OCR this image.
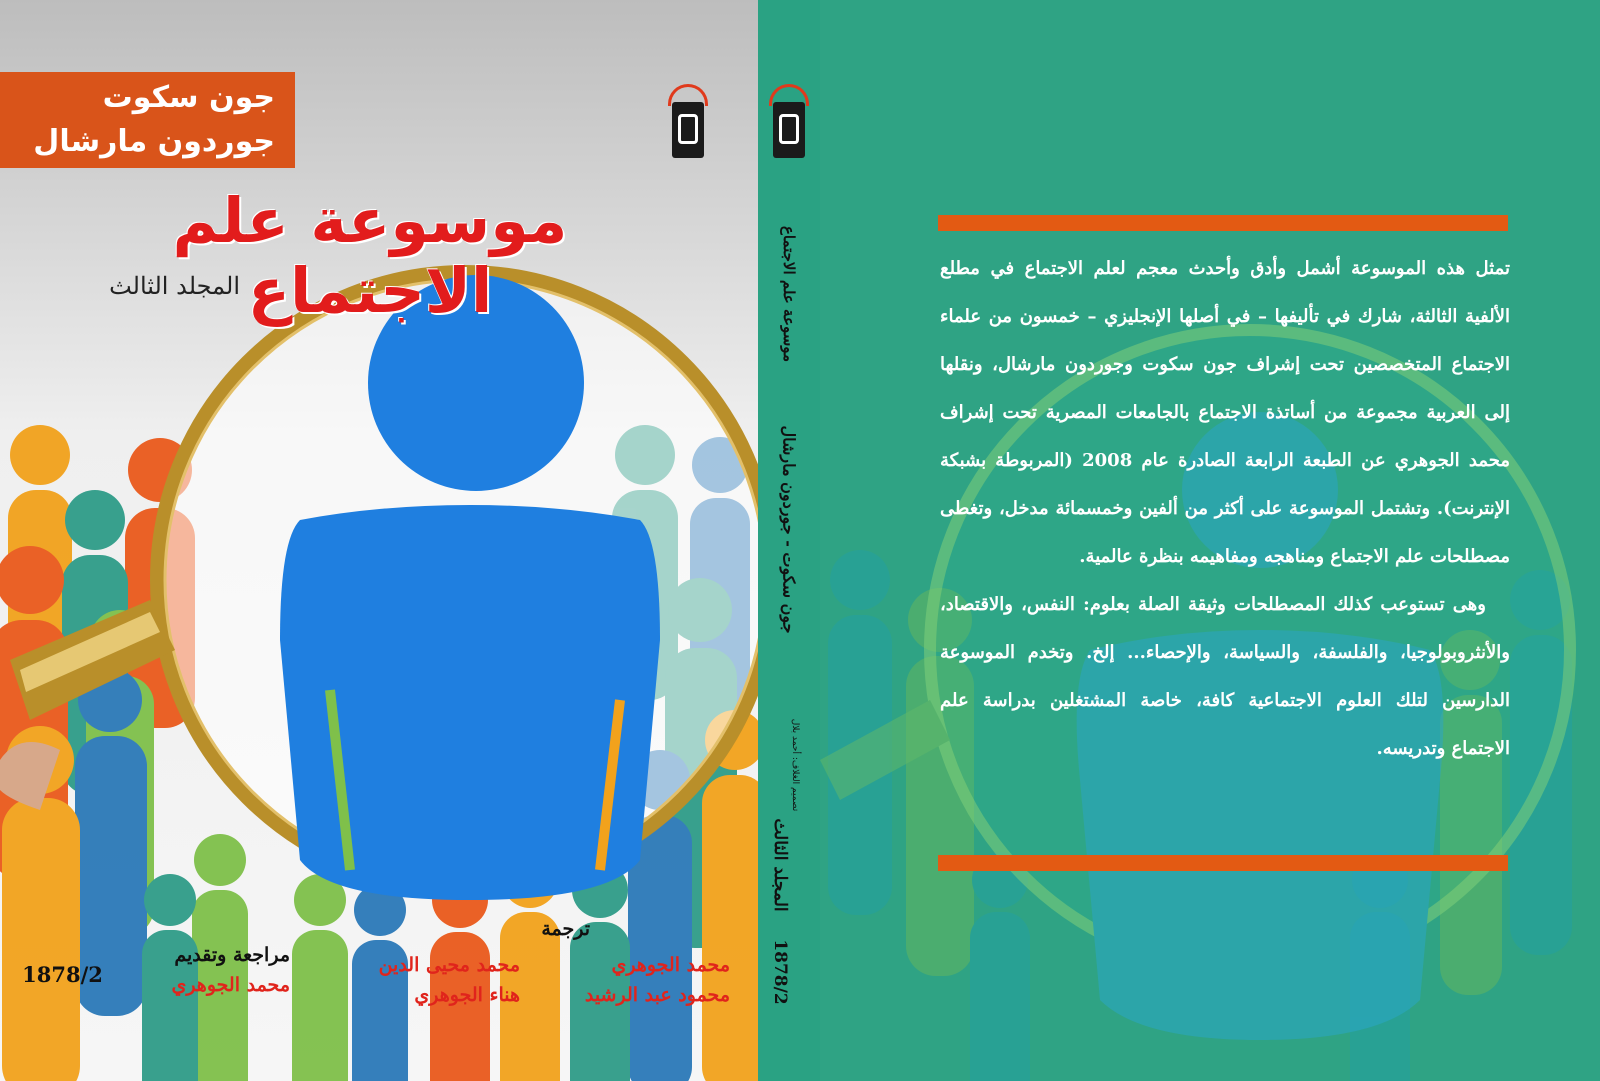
جون سكوت
جوردون مارشال
موسوعة علم الاجتماع
المجلد الثالث
1878/2
مراجعة وتقديم
محمد الجوهري
محمد محيى الدين
هناء الجوهري
ترجمة
محمد الجوهري
محمود عبد الرشيد
موسوعة علم الاجتماع
جون سكوت - جوردون مارشال
تصميم الغلاف: أحمد بلال
المجلد الثالث
1878/2

تمثل هذه الموسوعة أشمل وأدق وأحدث معجم لعلم الاجتماع في مطلع الألفية الثالثة، شارك في تأليفها – في أصلها الإنجليزي – خمسون من علماء الاجتماع المتخصصين تحت إشراف جون سكوت وجوردون مارشال، ونقلها إلى العربية مجموعة من أساتذة الاجتماع بالجامعات المصرية تحت إشراف محمد الجوهري عن الطبعة الرابعة الصادرة عام 2008 (المربوطة بشبكة الإنترنت). وتشتمل الموسوعة على أكثر من ألفين وخمسمائة مدخل، وتغطى مصطلحات علم الاجتماع ومناهجه ومفاهيمه بنظرة عالمية.

وهى تستوعب كذلك المصطلحات وثيقة الصلة بعلوم: النفس، والاقتصاد، والأنثروبولوجيا، والفلسفة، والسياسة، والإحصاء... إلخ. وتخدم الموسوعة الدارسين لتلك العلوم الاجتماعية كافة، خاصة المشتغلين بدراسة علم الاجتماع وتدريسه.
